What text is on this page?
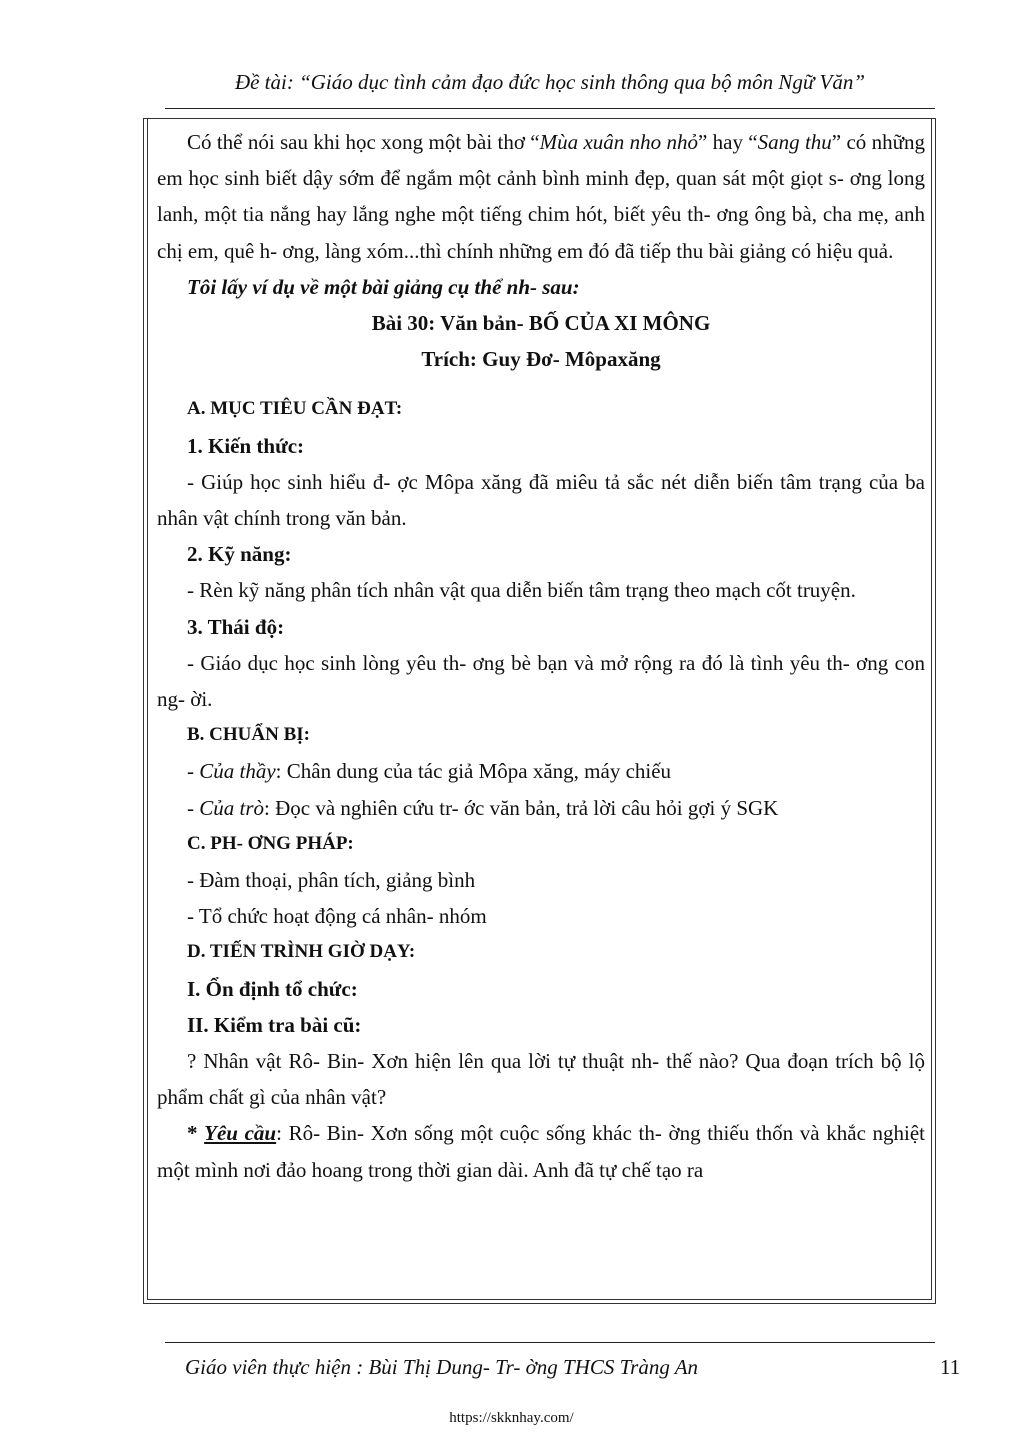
Đề tài: “Giáo dục tình cảm đạo đức học sinh thông qua bộ môn Ngữ Văn”

Có thể nói sau khi học xong một bài thơ “Mùa xuân nho nhỏ” hay “Sang thu” có những em học sinh biết dậy sớm để ngắm một cảnh bình minh đẹp, quan sát một giọt s- ơng long lanh, một tia nắng hay lắng nghe một tiếng chim hót, biết yêu th- ơng ông bà, cha mẹ, anh chị em, quê h- ơng, làng xóm...thì chính những em đó đã tiếp thu bài giảng có hiệu quả.

Tôi lấy ví dụ về một bài giảng cụ thể nh- sau:

Bài 30: Văn bản- BỐ CỦA XI MÔNG

Trích: Guy Đơ- Môpaxăng

A. MỤC TIÊU CẦN ĐẠT:

1. Kiến thức:

- Giúp học sinh hiểu đ- ợc Môpa xăng đã miêu tả sắc nét diễn biến tâm trạng của ba nhân vật chính trong văn bản.

2. Kỹ năng:

- Rèn kỹ năng phân tích nhân vật qua diễn biến tâm trạng theo mạch cốt truyện.

3. Thái độ:

- Giáo dục học sinh lòng yêu th- ơng bè bạn và mở rộng ra đó là tình yêu th- ơng con ng- ời.

B. CHUẨN BỊ:

- Của thầy: Chân dung của tác giả Môpa xăng, máy chiếu

- Của trò: Đọc và nghiên cứu tr- ớc văn bản, trả lời câu hỏi gợi ý SGK

C. PH- ƠNG PHÁP:

- Đàm thoại, phân tích, giảng bình

- Tổ chức hoạt động cá nhân- nhóm

D. TIẾN TRÌNH GIỜ DẠY:

I. Ổn định tổ chức:

II. Kiểm tra bài cũ:

? Nhân vật Rô- Bin- Xơn hiện lên qua lời tự thuật nh- thế nào? Qua đoạn trích bộ lộ phẩm chất gì của nhân vật?

* Yêu cầu: Rô- Bin- Xơn sống một cuộc sống khác th- ờng thiếu thốn và khắc nghiệt một mình nơi đảo hoang trong thời gian dài. Anh đã tự chế tạo ra

Giáo viên thực hiện : Bùi Thị Dung- Tr- ờng THCS Tràng An	11
https://skknhay.com/
